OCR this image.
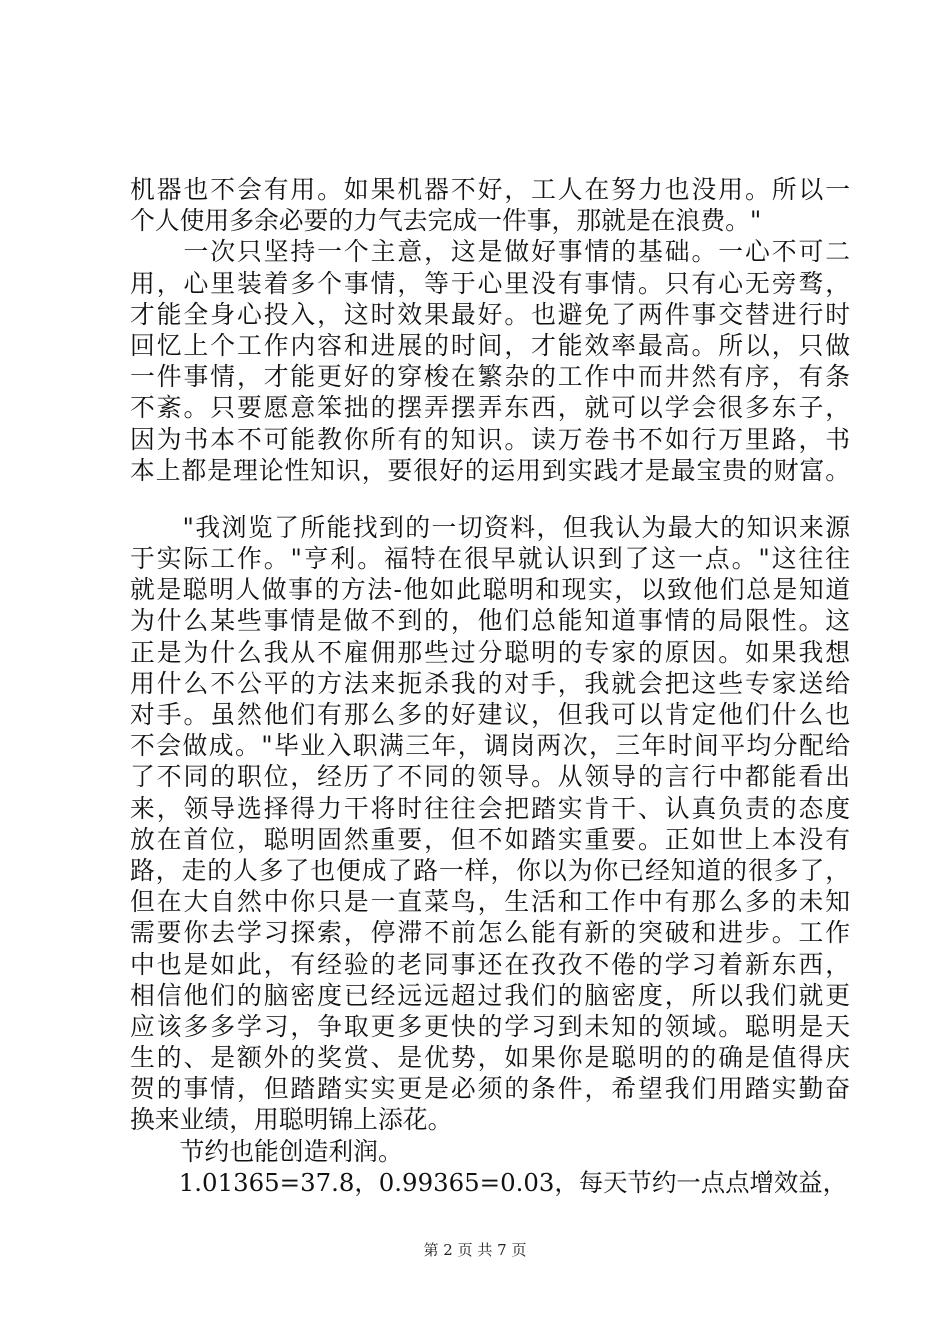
机器也不会有用。如果机器不好，工人在努力也没用。所以一
个人使用多余必要的力气去完成一件事，那就是在浪费。"
　　一次只坚持一个主意，这是做好事情的基础。一心不可二
用，心里装着多个事情，等于心里没有事情。只有心无旁骛，
才能全身心投入，这时效果最好。也避免了两件事交替进行时
回忆上个工作内容和进展的时间，才能效率最高。所以，只做
一件事情，才能更好的穿梭在繁杂的工作中而井然有序，有条
不紊。只要愿意笨拙的摆弄摆弄东西，就可以学会很多东子，
因为书本不可能教你所有的知识。读万卷书不如行万里路，书
本上都是理论性知识，要很好的运用到实践才是最宝贵的财富。
　　"我浏览了所能找到的一切资料，但我认为最大的知识来源
于实际工作。"亨利。福特在很早就认识到了这一点。"这往往
就是聪明人做事的方法-他如此聪明和现实，以致他们总是知道
为什么某些事情是做不到的，他们总能知道事情的局限性。这
正是为什么我从不雇佣那些过分聪明的专家的原因。如果我想
用什么不公平的方法来扼杀我的对手，我就会把这些专家送给
对手。虽然他们有那么多的好建议，但我可以肯定他们什么也
不会做成。"毕业入职满三年，调岗两次，三年时间平均分配给
了不同的职位，经历了不同的领导。从领导的言行中都能看出
来，领导选择得力干将时往往会把踏实肯干、认真负责的态度
放在首位，聪明固然重要，但不如踏实重要。正如世上本没有
路，走的人多了也便成了路一样，你以为你已经知道的很多了，
但在大自然中你只是一直菜鸟，生活和工作中有那么多的未知
需要你去学习探索，停滞不前怎么能有新的突破和进步。工作
中也是如此，有经验的老同事还在孜孜不倦的学习着新东西，
相信他们的脑密度已经远远超过我们的脑密度，所以我们就更
应该多多学习，争取更多更快的学习到未知的领域。聪明是天
生的、是额外的奖赏、是优势，如果你是聪明的的确是值得庆
贺的事情，但踏踏实实更是必须的条件，希望我们用踏实勤奋
换来业绩，用聪明锦上添花。
　　节约也能创造利润。
　　1.01365=37.8，0.99365=0.03，每天节约一点点增效益，
第 2 页 共 7 页
